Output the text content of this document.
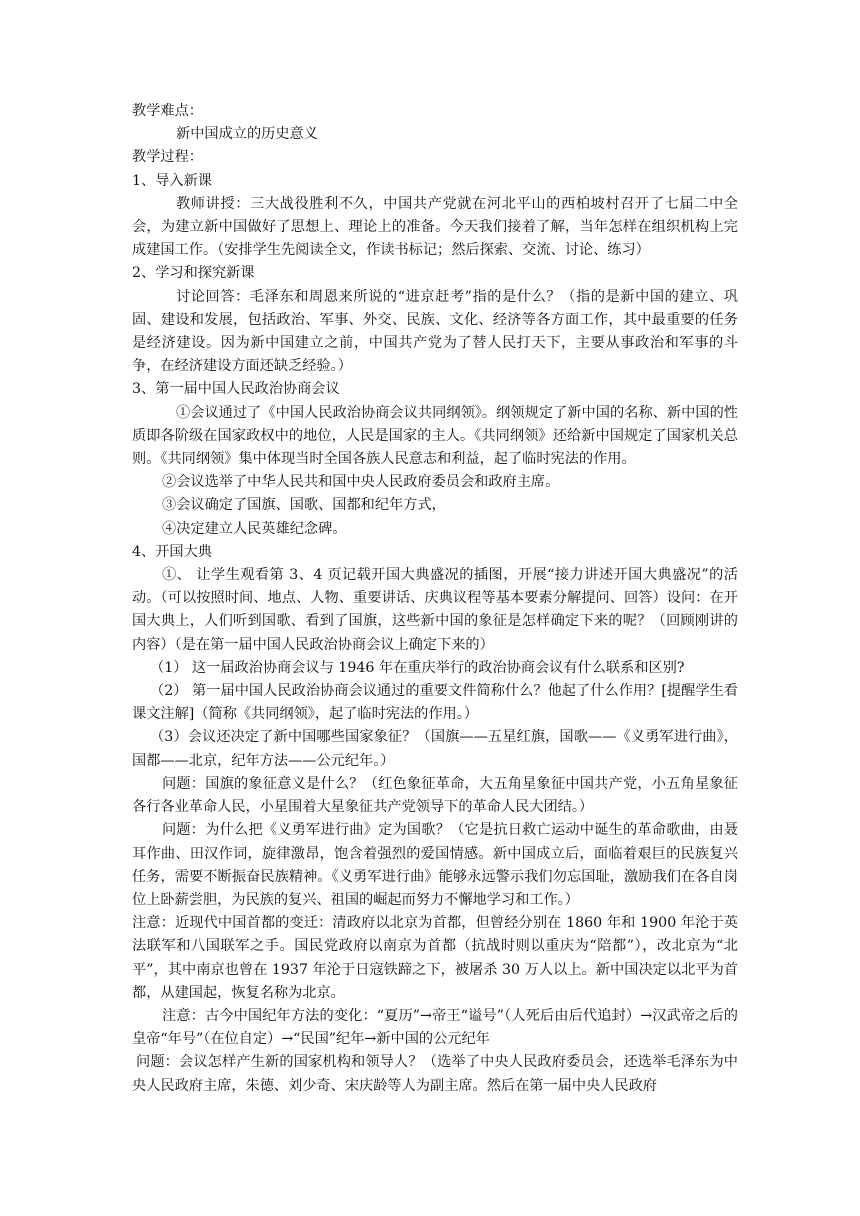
教学难点：

新中国成立的历史意义

教学过程：

1、导入新课

教师讲授：三大战役胜利不久，中国共产党就在河北平山的西柏坡村召开了七届二中全会，为建立新中国做好了思想上、理论上的准备。今天我们接着了解，当年怎样在组织机构上完成建国工作。（安排学生先阅读全文，作读书标记；然后探索、交流、讨论、练习）

2、学习和探究新课

讨论回答：毛泽东和周恩来所说的“进京赶考”指的是什么？（指的是新中国的建立、巩固、建设和发展，包括政治、军事、外交、民族、文化、经济等各方面工作，其中最重要的任务是经济建设。因为新中国建立之前，中国共产党为了替人民打天下，主要从事政治和军事的斗争，在经济建设方面还缺乏经验。）

3、第一届中国人民政治协商会议

①会议通过了《中国人民政治协商会议共同纲领》。纲领规定了新中国的名称、新中国的性质即各阶级在国家政权中的地位，人民是国家的主人。《共同纲领》还给新中国规定了国家机关总则。《共同纲领》集中体现当时全国各族人民意志和利益，起了临时宪法的作用。

②会议选举了中华人民共和国中央人民政府委员会和政府主席。

③会议确定了国旗、国歌、国都和纪年方式，

④决定建立人民英雄纪念碑。

4、开国大典

①、 让学生观看第 3、4 页记载开国大典盛况的插图，开展“接力讲述开国大典盛况”的活动。（可以按照时间、地点、人物、重要讲话、庆典议程等基本要素分解提问、回答）设问：在开国大典上，人们听到国歌、看到了国旗，这些新中国的象征是怎样确定下来的呢？（回顾刚讲的内容）（是在第一届中国人民政治协商会议上确定下来的）

（1） 这一届政治协商会议与 1946 年在重庆举行的政治协商会议有什么联系和区别?

（2） 第一届中国人民政治协商会议通过的重要文件简称什么？他起了什么作用？[提醒学生看课文注解]（简称《共同纲领》，起了临时宪法的作用。）

（3）会议还决定了新中国哪些国家象征？（国旗——五星红旗，国歌——《义勇军进行曲》，国都——北京，纪年方法——公元纪年。）

问题：国旗的象征意义是什么？（红色象征革命，大五角星象征中国共产党，小五角星象征各行各业革命人民，小星围着大星象征共产党领导下的革命人民大团结。）

问题：为什么把《义勇军进行曲》定为国歌？（它是抗日救亡运动中诞生的革命歌曲，由聂耳作曲、田汉作词，旋律激昂，饱含着强烈的爱国情感。新中国成立后，面临着艰巨的民族复兴任务，需要不断振奋民族精神。《义勇军进行曲》能够永远警示我们勿忘国耻，激励我们在各自岗位上卧薪尝胆，为民族的复兴、祖国的崛起而努力不懈地学习和工作。）

注意：近现代中国首都的变迁：清政府以北京为首都，但曾经分别在 1860 年和 1900 年沦于英法联军和八国联军之手。国民党政府以南京为首都（抗战时则以重庆为“陪都”），改北京为“北平”，其中南京也曾在 1937 年沦于日寇铁蹄之下，被屠杀 30 万人以上。新中国决定以北平为首都，从建国起，恢复名称为北京。

注意：古今中国纪年方法的变化：“夏历”→帝王“谥号”（人死后由后代追封）→汉武帝之后的皇帝“年号”（在位自定）→“民国”纪年→新中国的公元纪年

问题：会议怎样产生新的国家机构和领导人？（选举了中央人民政府委员会，还选举毛泽东为中央人民政府主席，朱德、刘少奇、宋庆龄等人为副主席。然后在第一届中央人民政府
